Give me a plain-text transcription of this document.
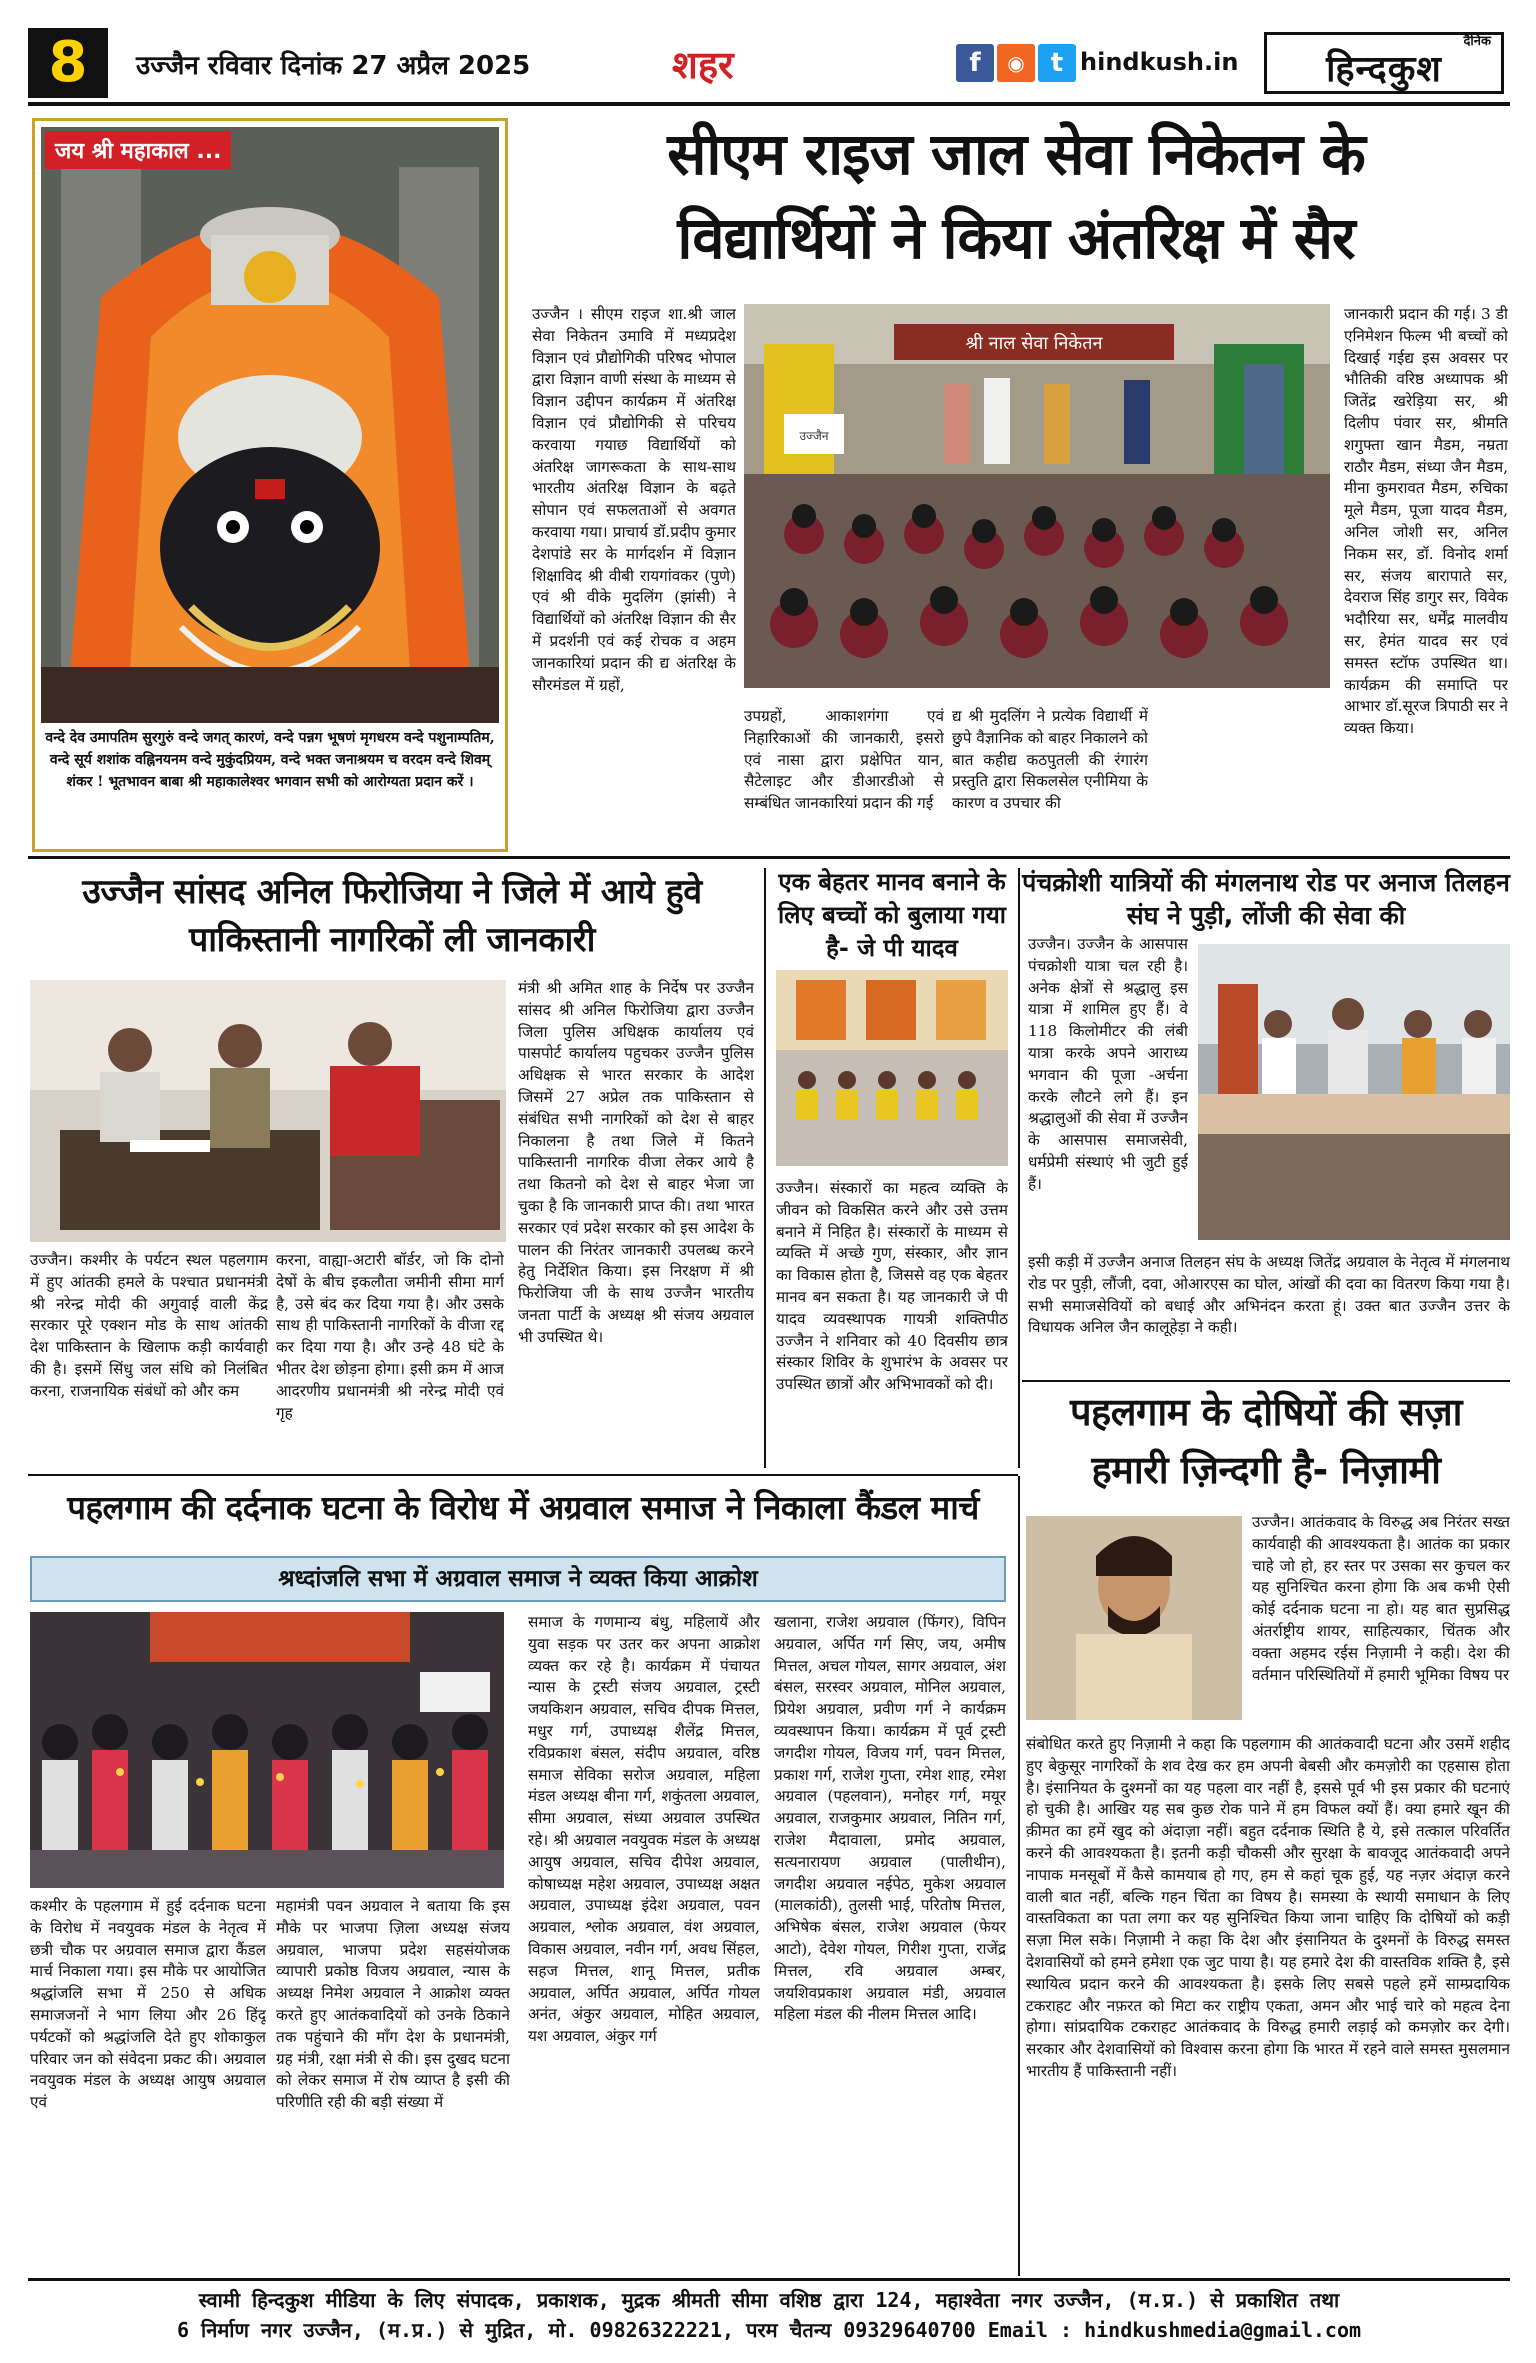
8	उज्जैन रविवार दिनांक 27 अप्रैल 2025	शहर	f	◉	t hindkush.in
दैनिक
हिन्दकुश
जय श्री महाकाल ...
वन्दे देव उमापतिम सुरगुरुं वन्दे जगत् कारणं, वन्दे पन्नग भूषणं मृगधरम वन्दे पशुनाम्पतिम, वन्दे सूर्य शशांक वह्निनयनम वन्दे मुकुंदप्रियम, वन्दे भक्त जनाश्रयम च वरदम वन्दे शिवम् शंकर ! भूतभावन बाबा श्री महाकालेश्वर भगवान सभी को आरोग्यता प्रदान करें ।
सीएम राइज जाल सेवा निकेतन के
विद्यार्थियों ने किया अंतरिक्ष में सैर
उज्जैन । सीएम राइज शा.श्री जाल सेवा निकेतन उमावि में मध्यप्रदेश विज्ञान एवं प्रौद्योगिकी परिषद भोपाल द्वारा विज्ञान वाणी संस्था के माध्यम से विज्ञान उद्दीपन कार्यक्रम में अंतरिक्ष विज्ञान एवं प्रौद्योगिकी से परिचय करवाया गयाछ विद्यार्थियों को अंतरिक्ष जागरूकता के साथ-साथ भारतीय अंतरिक्ष विज्ञान के बढ़ते सोपान एवं सफलताओं से अवगत करवाया गया। प्राचार्य डॉ.प्रदीप कुमार देशपांडे सर के मार्गदर्शन में विज्ञान शिक्षाविद श्री वीबी रायगांवकर (पुणे) एवं श्री वीके मुदलिंग (झांसी) ने विद्यार्थियों को अंतरिक्ष विज्ञान की सैर में प्रदर्शनी एवं कई रोचक व अहम जानकारियां प्रदान की द्य अंतरिक्ष के सौरमंडल में ग्रहों,
श्री नाल सेवा निकेतन
उज्जैन
उपग्रहों, आकाशगंगा एवं निहारिकाओं की जानकारी, इसरो एवं नासा द्वारा प्रक्षेपित यान, सैटेलाइट और डीआरडीओ से सम्बंधित जानकारियां प्रदान की गई
द्य श्री मुदलिंग ने प्रत्येक विद्यार्थी में छुपे वैज्ञानिक को बाहर निकालने को बात कहीद्य कठपुतली की रंगारंग प्रस्तुति द्वारा सिकलसेल एनीमिया के कारण व उपचार की
जानकारी प्रदान की गई। 3 डी एनिमेशन फिल्म भी बच्चों को दिखाई गईद्य इस अवसर पर भौतिकी वरिष्ठ अध्यापक श्री जितेंद्र खरेड़िया सर, श्री दिलीप पंवार सर, श्रीमति शगुफ्ता खान मैडम, नम्रता राठौर मैडम, संध्या जैन मैडम, मीना कुमरावत मैडम, रुचिका मूले मैडम, पूजा यादव मैडम, अनिल जोशी सर, अनिल निकम सर, डॉ. विनोद शर्मा सर, संजय बारापाते सर, देवराज सिंह डागुर सर, विवेक भदौरिया सर, धर्मेंद्र मालवीय सर, हेमंत यादव सर एवं समस्त स्टॉफ उपस्थित था। कार्यक्रम की समाप्ति पर आभार डॉ.सूरज त्रिपाठी सर ने व्यक्त किया।
उज्जैन सांसद अनिल फिरोजिया ने जिले में आये हुवे पाकिस्तानी नागरिकों ली जानकारी
उज्जैन। कश्मीर के पर्यटन स्थल पहलगाम में हुए आंतकी हमले के पश्चात प्रधानमंत्री श्री नरेन्द्र मोदी की अगुवाई वाली केंद्र सरकार पूरे एक्शन मोड के साथ आंतकी देश पाकिस्तान के खिलाफ कड़ी कार्यवाही की है। इसमें सिंधु जल संधि को निलंबित करना, राजनायिक संबंधों को और कम
करना, वाह्या-अटारी बॉर्डर, जो कि दोनो देषों के बीच इकलौता जमीनी सीमा मार्ग है, उसे बंद कर दिया गया है। और उसके साथ ही पाकिस्तानी नागरिकों के वीजा रद्द कर दिया गया है। और उन्हे 48 घंटे के भीतर देश छोड़ना होगा। इसी क्रम में आज आदरणीय प्रधानमंत्री श्री नरेन्द्र मोदी एवं गृह
मंत्री श्री अमित शाह के निर्देष पर उज्जैन सांसद श्री अनिल फिरोजिया द्वारा उज्जैन जिला पुलिस अधिक्षक कार्यालय एवं पासपोर्ट कार्यालय पहुचकर उज्जैन पुलिस अधिक्षक से भारत सरकार के आदेश जिसमें 27 अप्रेल तक पाकिस्तान से संबंधित सभी नागरिकों को देश से बाहर निकालना है तथा जिले में कितने पाकिस्तानी नागरिक वीजा लेकर आये है तथा कितनो को देश से बाहर भेजा जा चुका है कि जानकारी प्राप्त की। तथा भारत सरकार एवं प्रदेश सरकार को इस आदेश के पालन की निरंतर जानकारी उपलब्ध करने हेतु निर्देशित किया। इस निरक्षण में श्री फिरोजिया जी के साथ उज्जैन भारतीय जनता पार्टी के अध्यक्ष श्री संजय अग्रवाल भी उपस्थित थे।
एक बेहतर मानव बनाने के लिए बच्चों को बुलाया गया है- जे पी यादव
उज्जैन। संस्कारों का महत्व व्यक्ति के जीवन को विकसित करने और उसे उत्तम बनाने में निहित है। संस्कारों के माध्यम से व्यक्ति में अच्छे गुण, संस्कार, और ज्ञान का विकास होता है, जिससे वह एक बेहतर मानव बन सकता है। यह जानकारी जे पी यादव व्यवस्थापक गायत्री शक्तिपीठ उज्जैन ने शनिवार को 40 दिवसीय छात्र संस्कार शिविर के शुभारंभ के अवसर पर उपस्थित छात्रों और अभिभावकों को दी।
पंचक्रोशी यात्रियों की मंगलनाथ रोड पर अनाज तिलहन संघ ने पुड़ी, लोंजी की सेवा की
उज्जैन। उज्जैन के आसपास पंचक्रोशी यात्रा चल रही है। अनेक क्षेत्रों से श्रद्धालु इस यात्रा में शामिल हुए हैं। वे 118 किलोमीटर की लंबी यात्रा करके अपने आराध्य भगवान की पूजा -अर्चना करके लौटने लगे हैं। इन श्रद्धालुओं की सेवा में उज्जैन के आसपास समाजसेवी, धर्मप्रेमी संस्थाएं भी जुटी हुई हैं।
इसी कड़ी में उज्जैन अनाज तिलहन संघ के अध्यक्ष जितेंद्र अग्रवाल के नेतृत्व में मंगलनाथ रोड पर पुड़ी, लौंजी, दवा, ओआरएस का घोल, आंखों की दवा का वितरण किया गया है। सभी समाजसेवियों को बधाई और अभिनंदन करता हूं। उक्त बात उज्जैन उत्तर के विधायक अनिल जैन कालूहेड़ा ने कही।
पहलगाम के दोषियों की सज़ा
हमारी ज़िन्दगी है- निज़ामी
उज्जैन। आतंकवाद के विरुद्ध अब निरंतर सख्त कार्यवाही की आवश्यकता है। आतंक का प्रकार चाहे जो हो, हर स्तर पर उसका सर कुचल कर यह सुनिश्चित करना होगा कि अब कभी ऐसी कोई दर्दनाक घटना ना हो। यह बात सुप्रसिद्ध अंतर्राष्ट्रीय शायर, साहित्यकार, चिंतक और वक्ता अहमद रईस निज़ामी ने कही। देश की वर्तमान परिस्थितियों में हमारी भूमिका विषय पर
संबोधित करते हुए निज़ामी ने कहा कि पहलगाम की आतंकवादी घटना और उसमें शहीद हुए बेकुसूर नागरिकों के शव देख कर हम अपनी बेबसी और कमज़ोरी का एहसास होता है। इंसानियत के दुश्मनों का यह पहला वार नहीं है, इससे पूर्व भी इस प्रकार की घटनाएं हो चुकी है। आखिर यह सब कुछ रोक पाने में हम विफल क्यों हैं। क्या हमारे खून की क़ीमत का हमें खुद को अंदाज़ा नहीं। बहुत दर्दनाक स्थिति है ये, इसे तत्काल परिवर्तित करने की आवश्यकता है। इतनी कड़ी चौकसी और सुरक्षा के बावजूद आतंकवादी अपने नापाक मनसूबों में कैसे कामयाब हो गए, हम से कहां चूक हुई, यह नज़र अंदाज़ करने वाली बात नहीं, बल्कि गहन चिंता का विषय है। समस्या के स्थायी समाधान के लिए वास्तविकता का पता लगा कर यह सुनिश्चित किया जाना चाहिए कि दोषियों को कड़ी सज़ा मिल सके। निज़ामी ने कहा कि देश और इंसानियत के दुश्मनों के विरुद्ध समस्त देशवासियों को हमने हमेशा एक जुट पाया है। यह हमारे देश की वास्तविक शक्ति है, इसे स्थायित्व प्रदान करने की आवश्यकता है। इसके लिए सबसे पहले हमें साम्प्रदायिक टकराहट और नफ़रत को मिटा कर राष्ट्रीय एकता, अमन और भाई चारे को महत्व देना होगा। सांप्रदायिक टकराहट आतंकवाद के विरुद्ध हमारी लड़ाई को कमज़ोर कर देगी। सरकार और देशवासियों को विश्वास करना होगा कि भारत में रहने वाले समस्त मुसलमान भारतीय हैं पाकिस्तानी नहीं।
पहलगाम की दर्दनाक घटना के विरोध में अग्रवाल समाज ने निकाला कैंडल मार्च
श्रध्दांजलि सभा में अग्रवाल समाज ने व्यक्त किया आक्रोश
कश्मीर के पहलगाम में हुई दर्दनाक घटना के विरोध में नवयुवक मंडल के नेतृत्व में छत्री चौक पर अग्रवाल समाज द्वारा कैंडल मार्च निकाला गया। इस मौके पर आयोजित श्रद्धांजलि सभा में 250 से अधिक समाजजनों ने भाग लिया और 26 हिंदू पर्यटकों को श्रद्धांजलि देते हुए शोकाकुल परिवार जन को संवेदना प्रकट की। अग्रवाल नवयुवक मंडल के अध्यक्ष आयुष अग्रवाल एवं
महामंत्री पवन अग्रवाल ने बताया कि इस मौके पर भाजपा ज़िला अध्यक्ष संजय अग्रवाल, भाजपा प्रदेश सहसंयोजक व्यापारी प्रकोष्ठ विजय अग्रवाल, न्यास के अध्यक्ष निमेश अग्रवाल ने आक्रोश व्यक्त करते हुए आतंकवादियों को उनके ठिकाने तक पहुंचाने की माँग देश के प्रधानमंत्री, ग्रह मंत्री, रक्षा मंत्री से की। इस दुखद घटना को लेकर समाज में रोष व्याप्त है इसी की परिणीति रही की बड़ी संख्या में
समाज के गणमान्य बंधु, महिलायें और युवा सड़क पर उतर कर अपना आक्रोश व्यक्त कर रहे है। कार्यक्रम में पंचायत न्यास के ट्रस्टी संजय अग्रवाल, ट्रस्टी जयकिशन अग्रवाल, सचिव दीपक मित्तल, मधुर गर्ग, उपाध्यक्ष शैलेंद्र मित्तल, रविप्रकाश बंसल, संदीप अग्रवाल, वरिष्ठ समाज सेविका सरोज अग्रवाल, महिला मंडल अध्यक्ष बीना गर्ग, शकुंतला अग्रवाल, सीमा अग्रवाल, संध्या अग्रवाल उपस्थित रहे। श्री अग्रवाल नवयुवक मंडल के अध्यक्ष आयुष अग्रवाल, सचिव दीपेश अग्रवाल, कोषाध्यक्ष महेश अग्रवाल, उपाध्यक्ष अक्षत अग्रवाल, उपाध्यक्ष इंदेश अग्रवाल, पवन अग्रवाल, श्लोक अग्रवाल, वंश अग्रवाल, विकास अग्रवाल, नवीन गर्ग, अवध सिंहल, सहज मित्तल, शानू मित्तल, प्रतीक अग्रवाल, अर्पित अग्रवाल, अर्पित गोयल अनंत, अंकुर अग्रवाल, मोहित अग्रवाल, यश अग्रवाल, अंकुर गर्ग
खलाना, राजेश अग्रवाल (फिंगर), विपिन अग्रवाल, अर्पित गर्ग सिए, जय, अमीष मित्तल, अचल गोयल, सागर अग्रवाल, अंश बंसल, सरस्वर अग्रवाल, मोनिल अग्रवाल, प्रियेश अग्रवाल, प्रवीण गर्ग ने कार्यक्रम व्यवस्थापन किया। कार्यक्रम में पूर्व ट्रस्टी जगदीश गोयल, विजय गर्ग, पवन मित्तल, प्रकाश गर्ग, राजेश गुप्ता, रमेश शाह, रमेश अग्रवाल (पहलवान), मनोहर गर्ग, मयूर अग्रवाल, राजकुमार अग्रवाल, नितिन गर्ग, राजेश मैदावाला, प्रमोद अग्रवाल, सत्यनारायण अग्रवाल (पालीथीन), जगदीश अग्रवाल नईपेठ, मुकेश अग्रवाल (मालकांठी), तुलसी भाई, परितोष मित्तल, अभिषेक बंसल, राजेश अग्रवाल (फेयर आटो), देवेश गोयल, गिरीश गुप्ता, राजेंद्र मित्तल, रवि अग्रवाल अम्बर, जयशिवप्रकाश अग्रवाल मंडी, अग्रवाल महिला मंडल की नीलम मित्तल आदि।
स्वामी हिन्दकुश मीडिया के लिए संपादक, प्रकाशक, मुद्रक श्रीमती सीमा वशिष्ठ द्वारा 124, महाश्वेता नगर उज्जैन, (म.प्र.) से प्रकाशित तथा
6 निर्माण नगर उज्जैन, (म.प्र.) से मुद्रित, मो. 09826322221, परम चैतन्य 09329640700 Email : hindkushmedia@gmail.com
